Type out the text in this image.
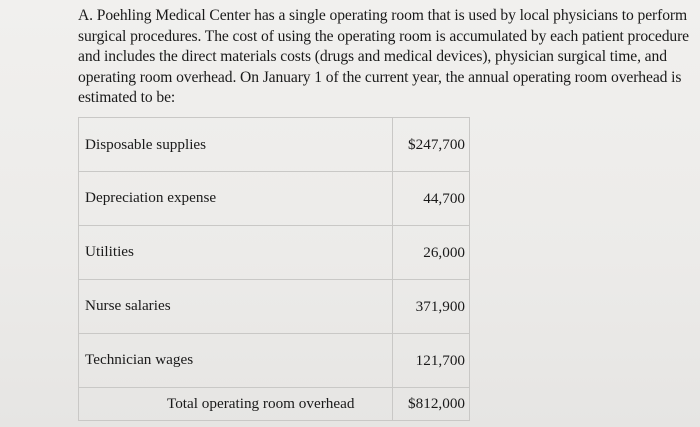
A. Poehling Medical Center has a single operating room that is used by local physicians to perform surgical procedures. The cost of using the operating room is accumulated by each patient procedure and includes the direct materials costs (drugs and medical devices), physician surgical time, and operating room overhead. On January 1 of the current year, the annual operating room overhead is estimated to be:

Disposable supplies	$247,700
Depreciation expense	44,700
Utilities	26,000
Nurse salaries	371,900
Technician wages	121,700
Total operating room overhead	$812,000
